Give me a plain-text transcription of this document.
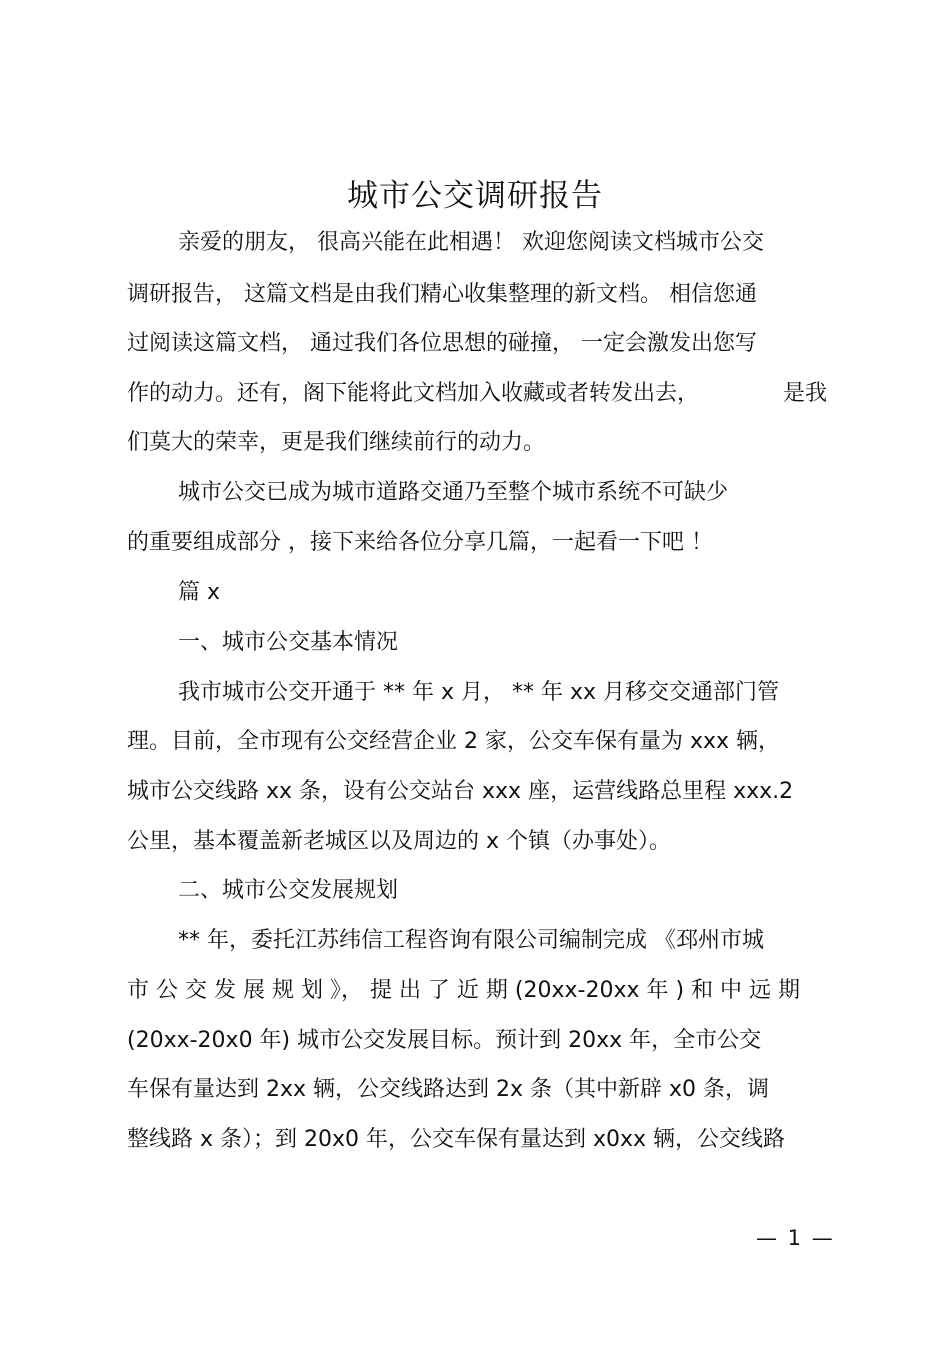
城市公交调研报告
亲爱的朋友， 很高兴能在此相遇！ 欢迎您阅读文档城市公交
调研报告， 这篇文档是由我们精心收集整理的新文档。 相信您通
过阅读这篇文档， 通过我们各位思想的碰撞， 一定会激发出您写
作的动力。还有，阁下能将此文档加入收藏或者转发出去，	是我
们莫大的荣幸，更是我们继续前行的动力。
城市公交已成为城市道路交通乃至整个城市系统不可缺少
的重要组成部分 ，接下来给各位分享几篇，一起看一下吧 ！
篇 x
一、城市公交基本情况
我市城市公交开通于 ** 年 x 月， ** 年 xx 月移交交通部门管
理。目前，全市现有公交经营企业 2 家，公交车保有量为 xxx 辆，
城市公交线路 xx 条，设有公交站台 xxx 座，运营线路总里程 xxx.2
公里，基本覆盖新老城区以及周边的 x 个镇（办事处）。
二、城市公交发展规划
** 年，委托江苏纬信工程咨询有限公司编制完成 《邳州市城
市 公 交 发 展 规 划 》， 提 出 了 近 期 (20xx-20xx 年 ) 和 中 远 期
(20xx-20x0 年) 城市公交发展目标。预计到 20xx 年，全市公交
车保有量达到 2xx 辆，公交线路达到 2x 条（其中新辟 x0 条，调
整线路 x 条）；到 20x0 年，公交车保有量达到 x0xx 辆，公交线路
— 1 —
